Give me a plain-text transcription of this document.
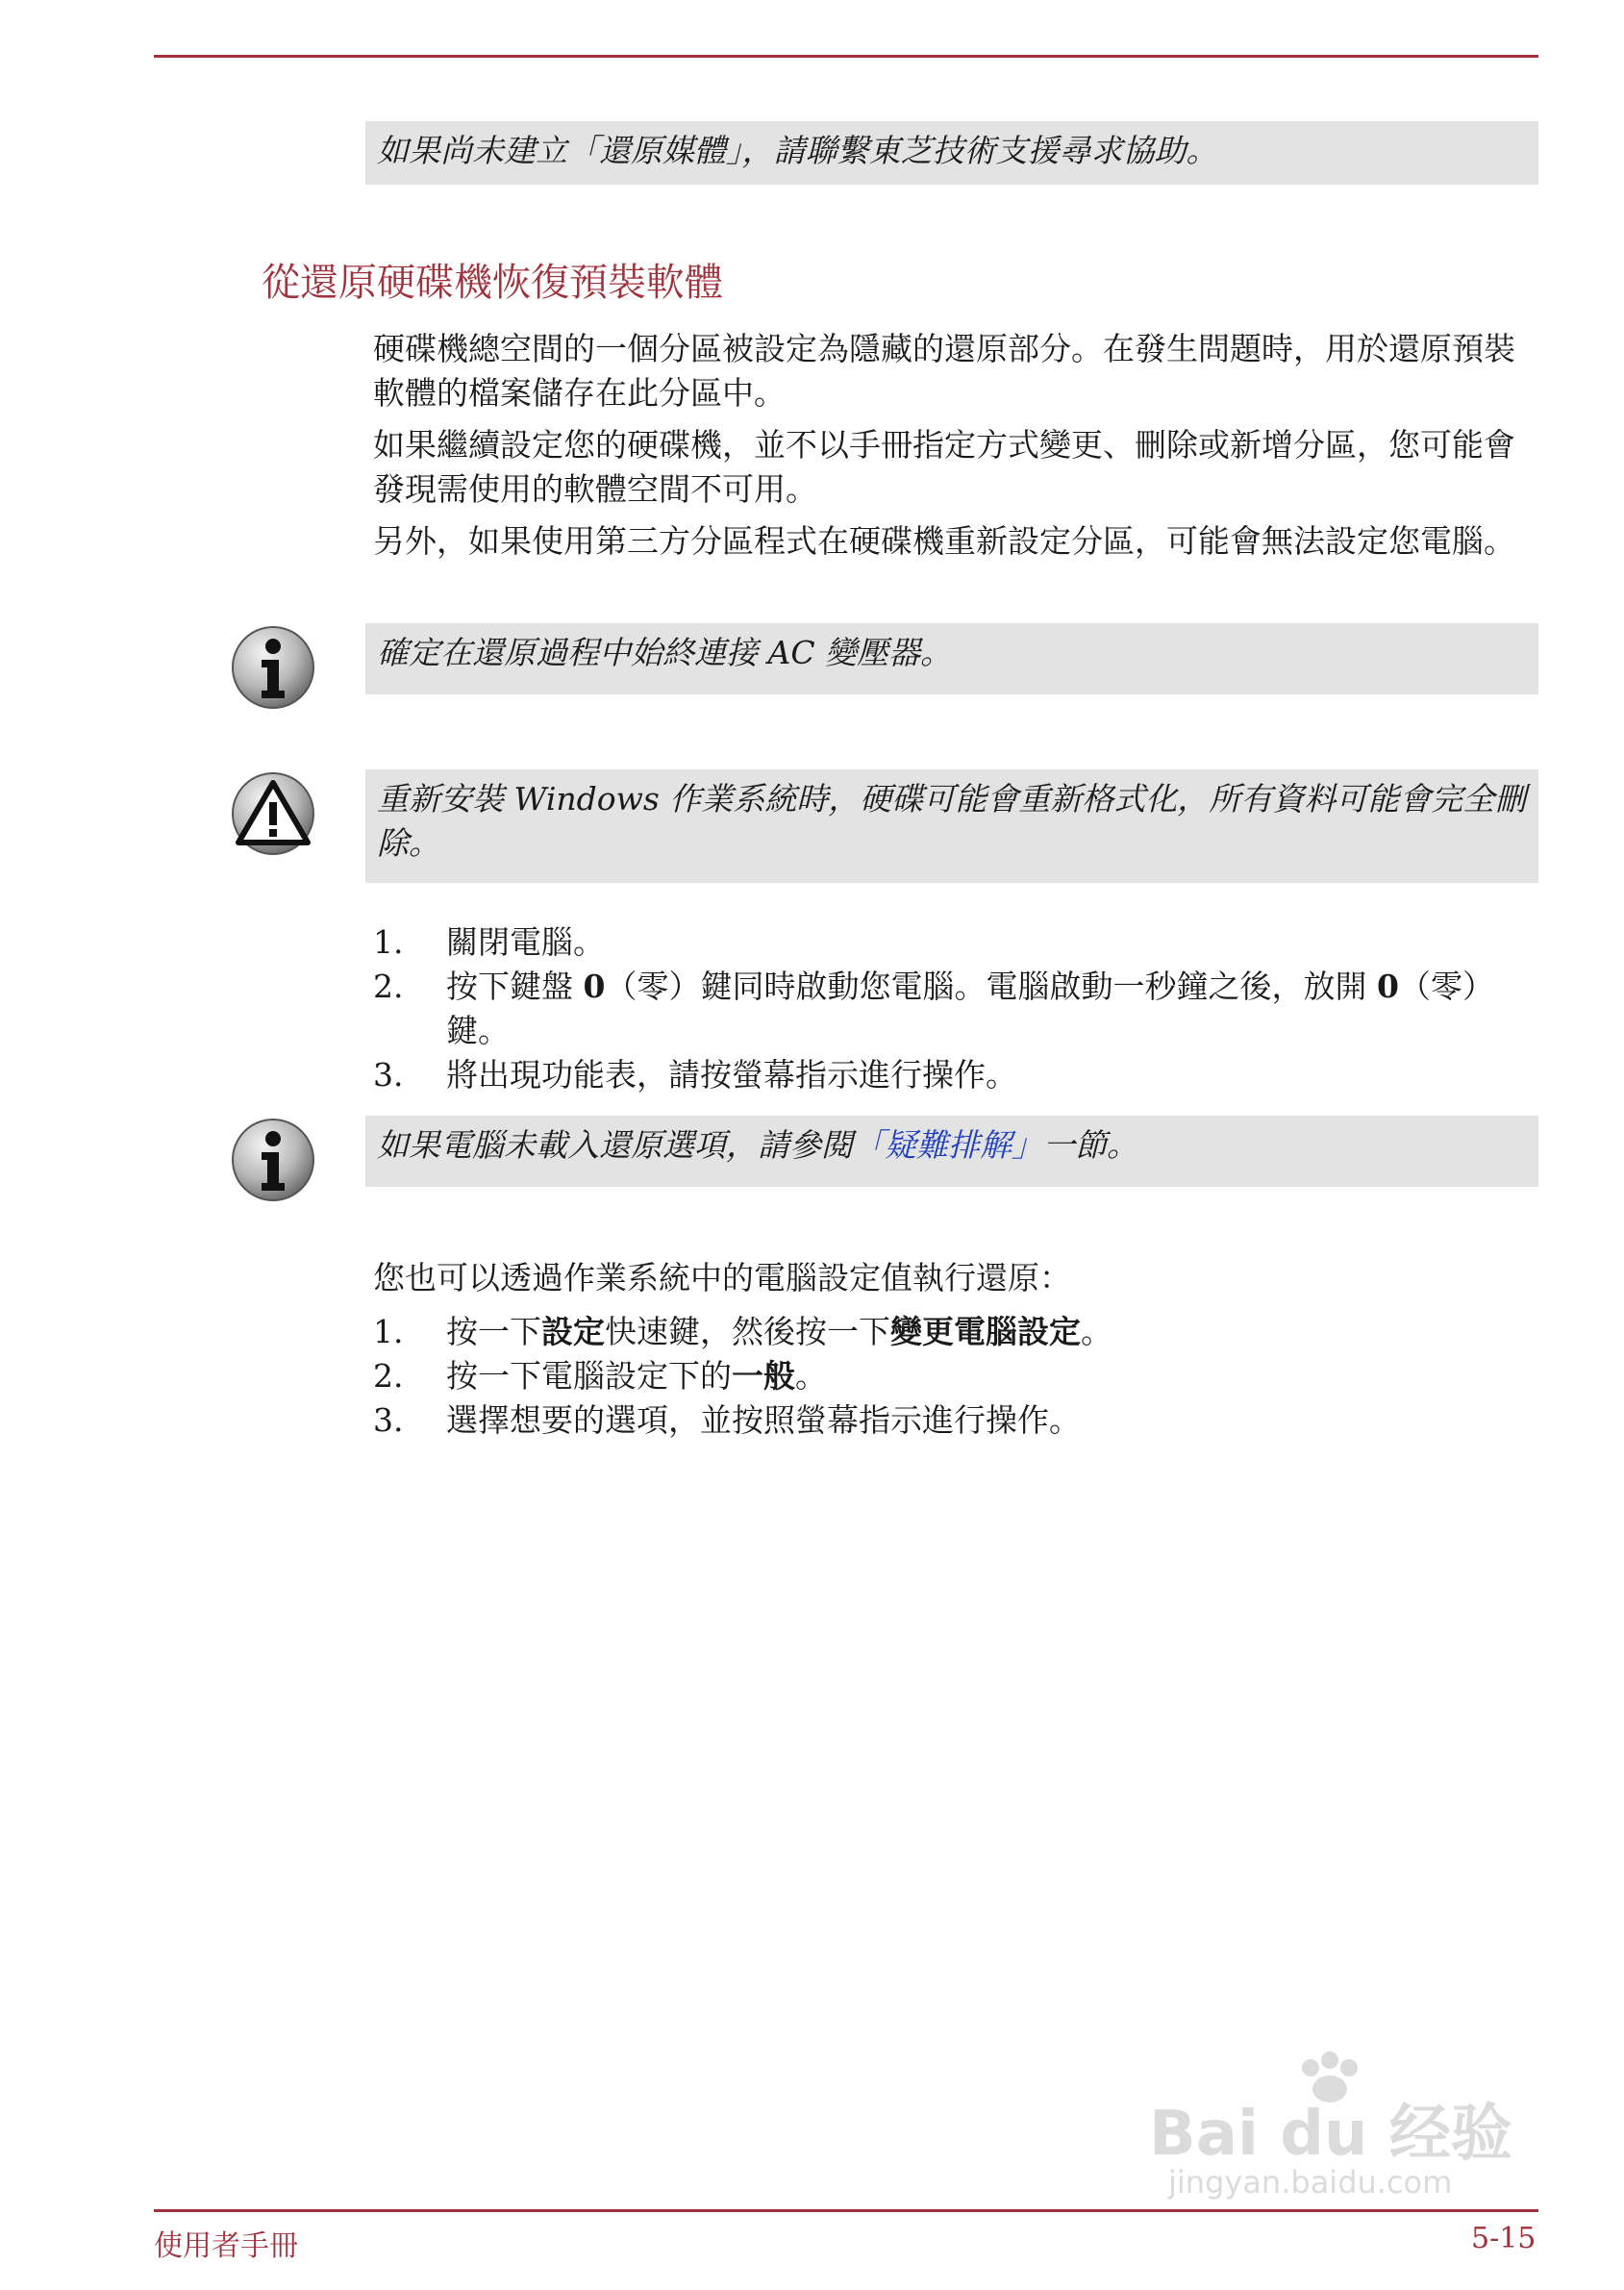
如果尚未建立「還原媒體」，請聯繫東芝技術支援尋求協助。
從還原硬碟機恢復預裝軟體

硬碟機總空間的一個分區被設定為隱藏的還原部分。在發生問題時，用於還原預裝軟體的檔案儲存在此分區中。

如果繼續設定您的硬碟機，並不以手冊指定方式變更、刪除或新增分區，您可能會發現需使用的軟體空間不可用。

另外，如果使用第三方分區程式在硬碟機重新設定分區，可能會無法設定您電腦。

確定在還原過程中始終連接 AC 變壓器。
重新安裝 Windows 作業系統時，硬碟可能會重新格式化，所有資料可能會完全刪除。
1. 關閉電腦。
2. 按下鍵盤 0（零）鍵同時啟動您電腦。電腦啟動一秒鐘之後，放開 0（零）鍵。
3. 將出現功能表，請按螢幕指示進行操作。
如果電腦未載入還原選項，請參閱「疑難排解」一節。

您也可以透過作業系統中的電腦設定值執行還原：

1. 按一下設定快速鍵，然後按一下變更電腦設定。
2. 按一下電腦設定下的一般。
3. 選擇想要的選項，並按照螢幕指示進行操作。
Bai du 经验
jingyan.baidu.com
使用者手冊	5-15
